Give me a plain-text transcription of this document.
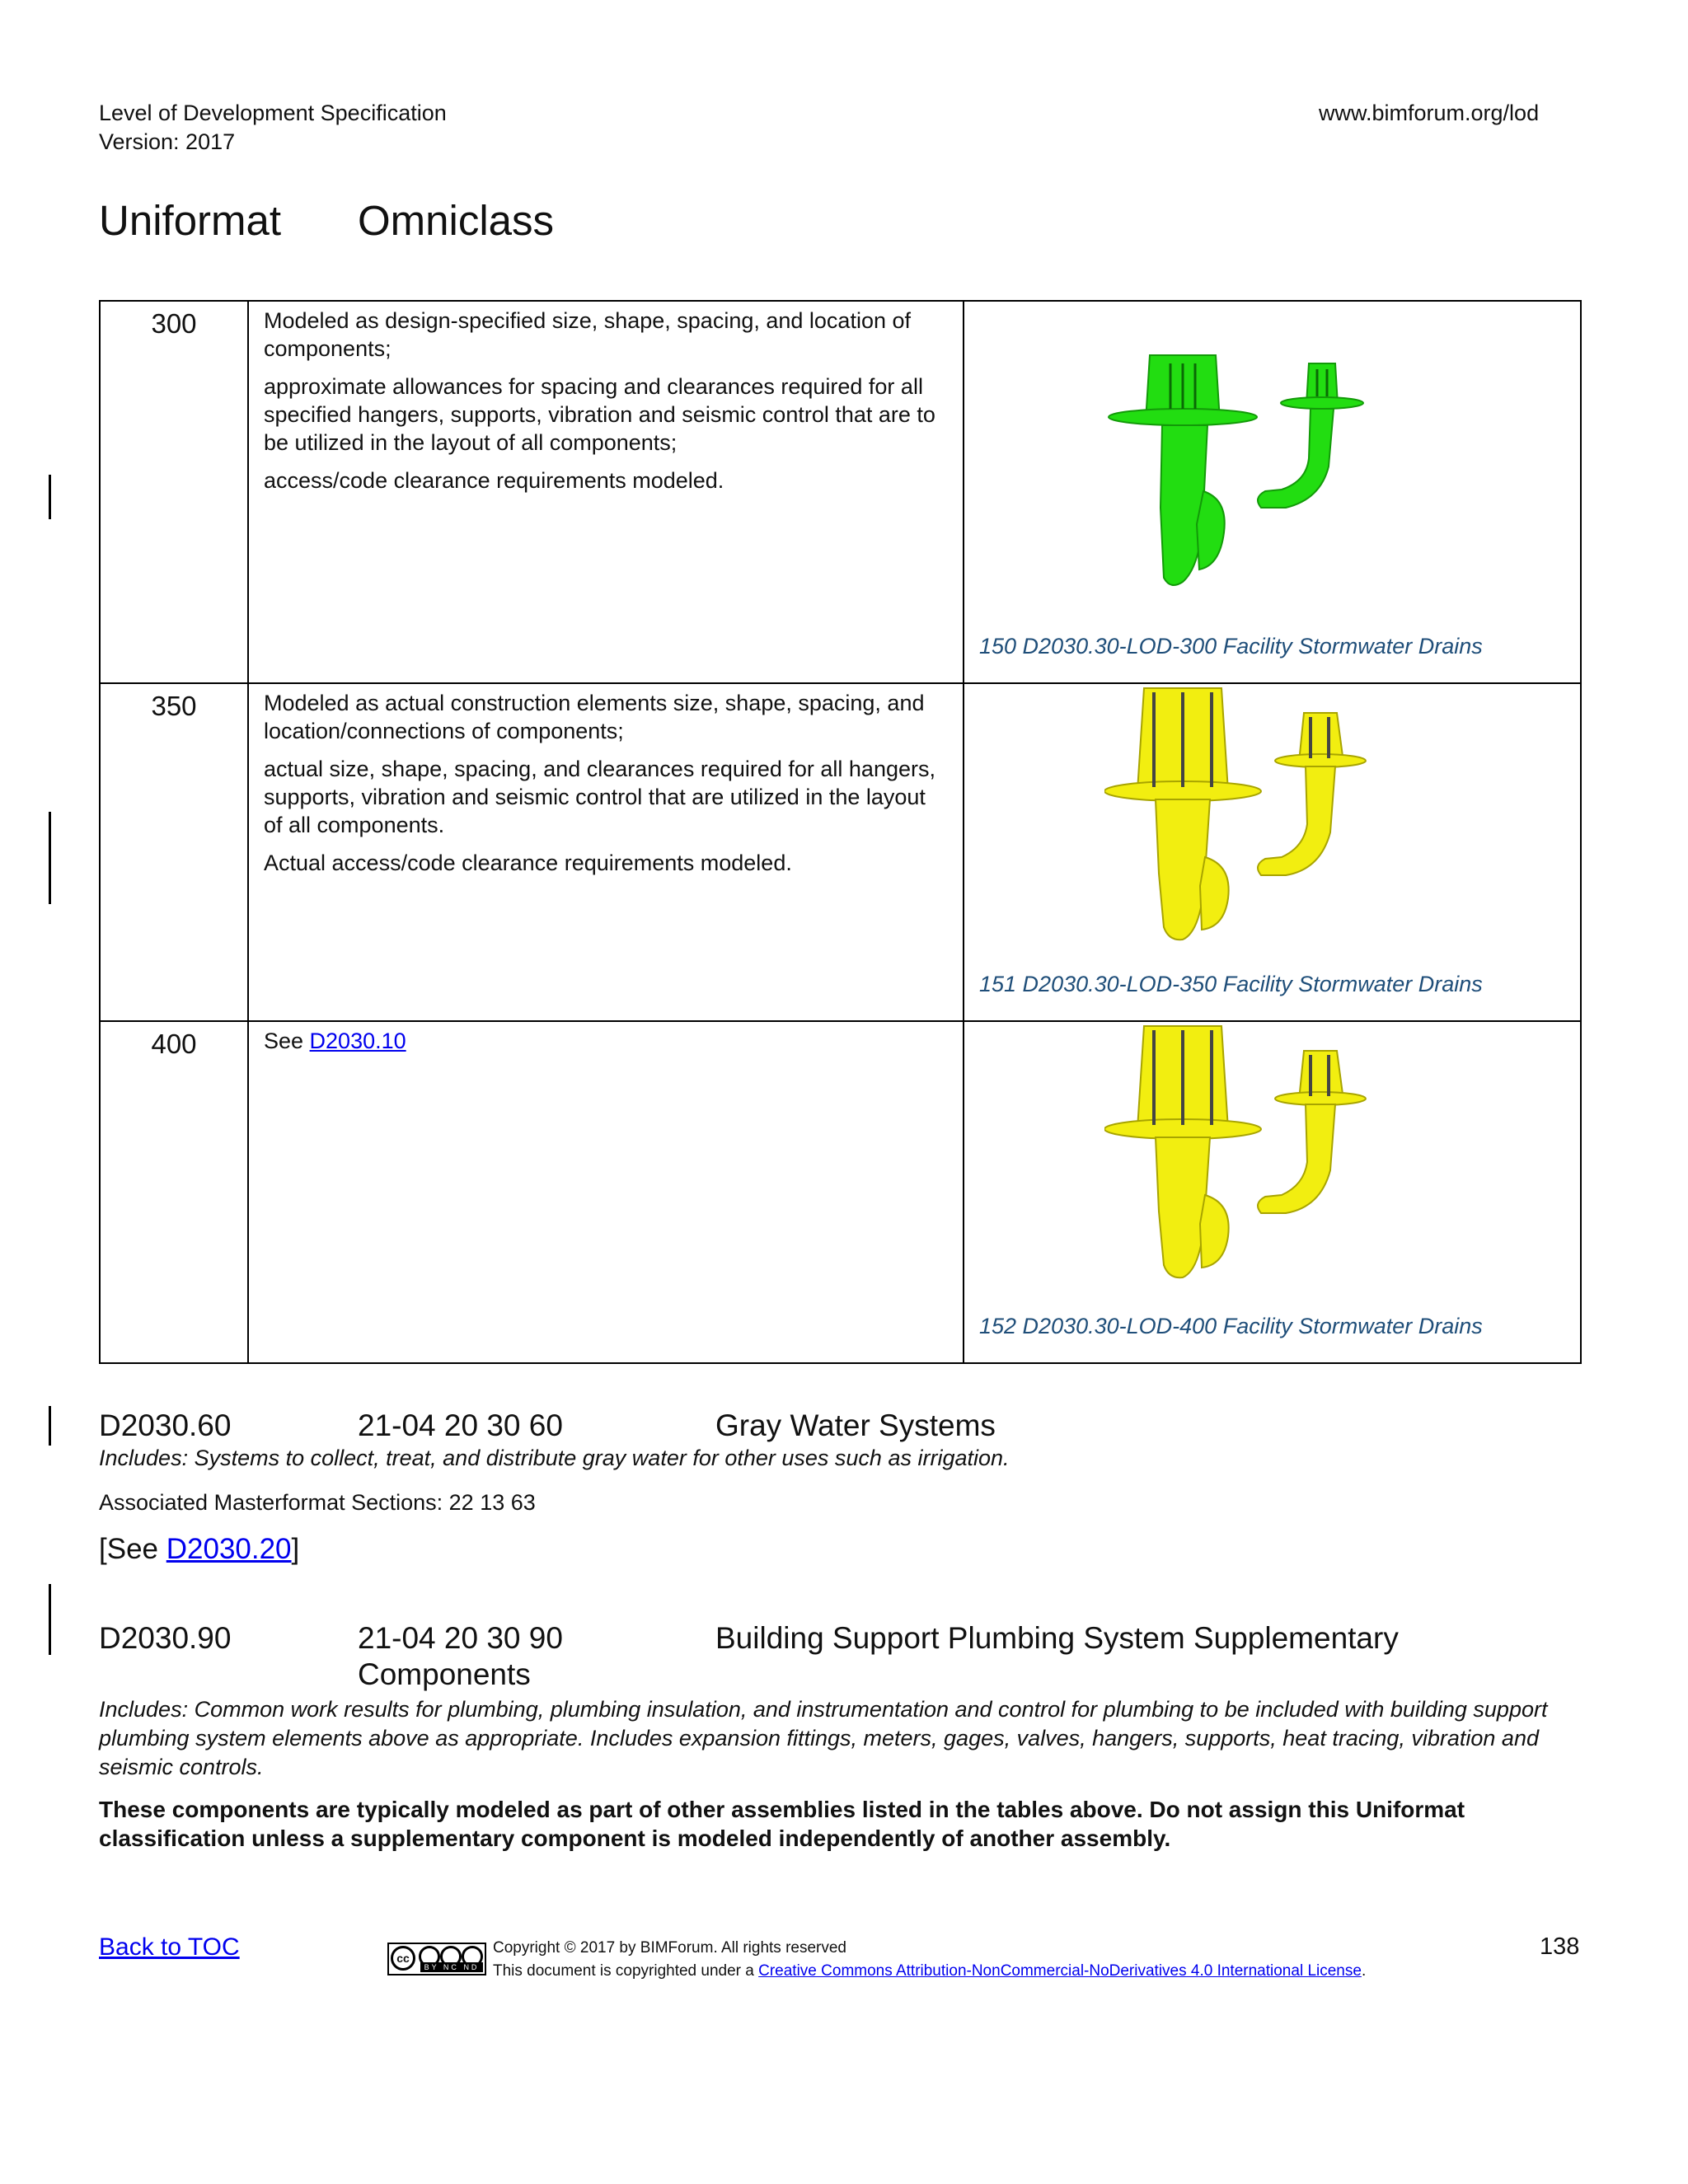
Level of Development Specification
Version: 2017
www.bimforum.org/lod
Uniformat Omniclass
300	Modeled as design-specified size, shape, spacing, and location of components;

approximate allowances for spacing and clearances required for all specified hangers, supports, vibration and seismic control that are to be utilized in the layout of all components;

access/code clearance requirements modeled.	150 D2030.30-LOD-300 Facility Stormwater Drains

350	Modeled as actual construction elements size, shape, spacing, and location/connections of components;

actual size, shape, spacing, and clearances required for all hangers, supports, vibration and seismic control that are utilized in the layout of all components.

Actual access/code clearance requirements modeled.	151 D2030.30-LOD-350 Facility Stormwater Drains

400	See D2030.10	152 D2030.30-LOD-400 Facility Stormwater Drains
D2030.60	21-04 20 30 60	Gray Water Systems
Includes: Systems to collect, treat, and distribute gray water for other uses such as irrigation.
Associated Masterformat Sections: 22 13 63
[See D2030.20]
D2030.90	21-04 20 30 90	Building Support Plumbing System Supplementary
Components
Includes: Common work results for plumbing, plumbing insulation, and instrumentation and control for plumbing to be included with building support plumbing system elements above as appropriate. Includes expansion fittings, meters, gages, valves, hangers, supports, heat tracing, vibration and seismic controls.
These components are typically modeled as part of other assemblies listed in the tables above. Do not assign this Uniformat classification unless a supplementary component is modeled independently of another assembly.
Back to TOC	cc
BY NC ND
Copyright © 2017 by BIMForum. All rights reserved
This document is copyrighted under a Creative Commons Attribution-NonCommercial-NoDerivatives 4.0 International License.
138
